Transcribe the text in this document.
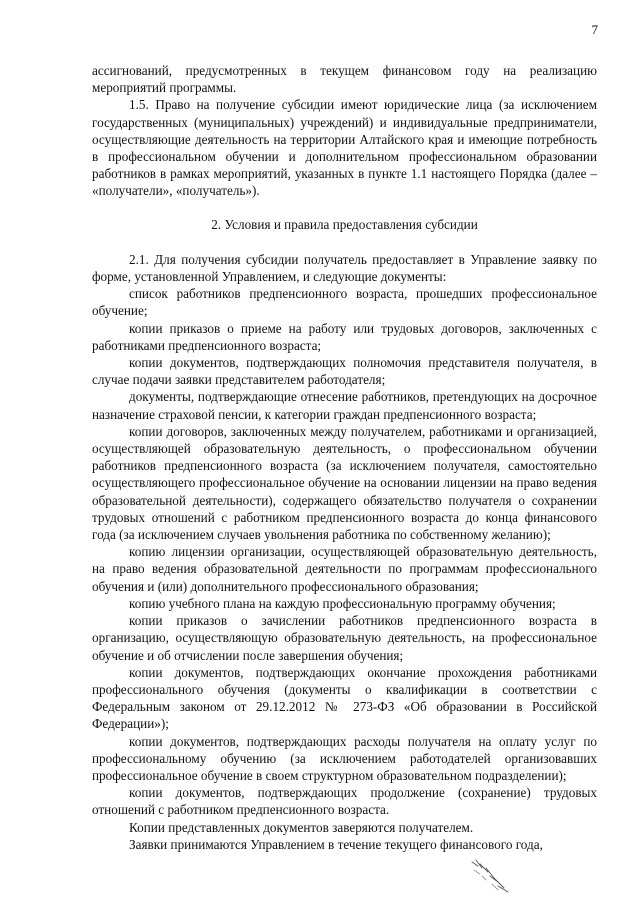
7

ассигнований, предусмотренных в текущем финансовом году на реализацию мероприятий программы.

1.5. Право на получение субсидии имеют юридические лица (за исключением государственных (муниципальных) учреждений) и индивидуальные предприниматели, осуществляющие деятельность на территории Алтайского края и имеющие потребность в профессиональном обучении и дополнительном профессиональном образовании работников в рамках мероприятий, указанных в пункте 1.1 настоящего Порядка (далее – «получатели», «получатель»).

2. Условия и правила предоставления субсидии

2.1. Для получения субсидии получатель предоставляет в Управление заявку по форме, установленной Управлением, и следующие документы:

список работников предпенсионного возраста, прошедших профессиональное обучение;

копии приказов о приеме на работу или трудовых договоров, заключенных с работниками предпенсионного возраста;

копии документов, подтверждающих полномочия представителя получателя, в случае подачи заявки представителем работодателя;

документы, подтверждающие отнесение работников, претендующих на досрочное назначение страховой пенсии, к категории граждан предпенсионного возраста;

копии договоров, заключенных между получателем, работниками и организацией, осуществляющей образовательную деятельность, о профессиональном обучении работников предпенсионного возраста (за исключением получателя, самостоятельно осуществляющего профессиональное обучение на основании лицензии на право ведения образовательной деятельности), содержащего обязательство получателя о сохранении трудовых отношений с работником предпенсионного возраста до конца финансового года (за исключением случаев увольнения работника по собственному желанию);

копию лицензии организации, осуществляющей образовательную деятельность, на право ведения образовательной деятельности по программам профессионального обучения и (или) дополнительного профессионального образования;

копию учебного плана на каждую профессиональную программу обучения;

копии приказов о зачислении работников предпенсионного возраста в организацию, осуществляющую образовательную деятельность, на профессиональное обучение и об отчислении после завершения обучения;

копии документов, подтверждающих окончание прохождения работниками профессионального обучения (документы о квалификации в соответствии с Федеральным законом от 29.12.2012 № 273-ФЗ «Об образовании в Российской Федерации»);

копии документов, подтверждающих расходы получателя на оплату услуг по профессиональному обучению (за исключением работодателей организовавших профессиональное обучение в своем структурном образовательном подразделении);

копии документов, подтверждающих продолжение (сохранение) трудовых отношений с работником предпенсионного возраста.

Копии представленных документов заверяются получателем.

Заявки принимаются Управлением в течение текущего финансового года,
